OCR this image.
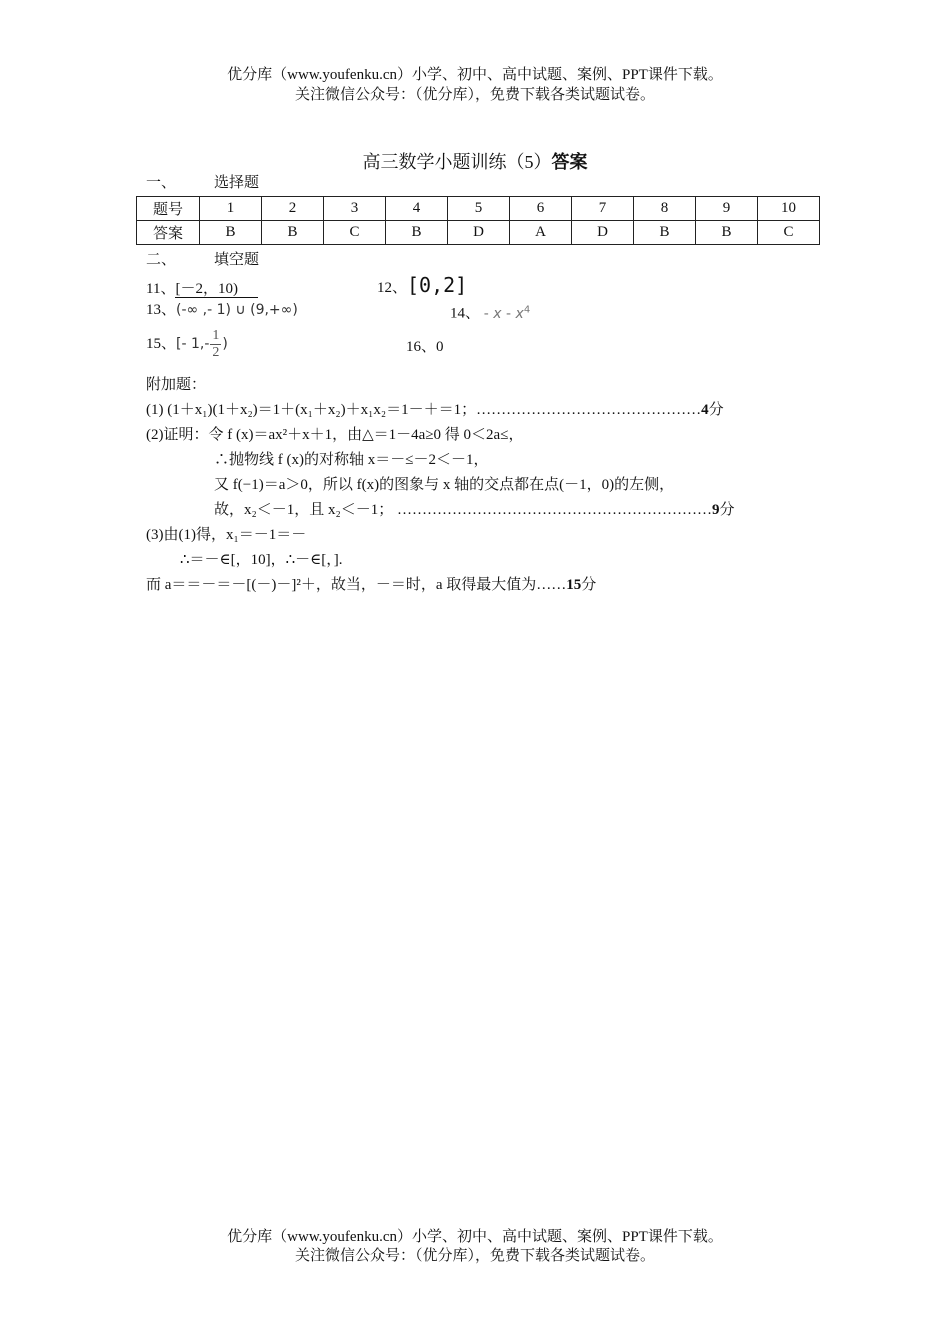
优分库（www.youfenku.cn）小学、初中、高中试题、案例、PPT课件下载。
关注微信公众号：（优分库），免费下载各类试题试卷。
高三数学小题训练（5）答案
一、	选择题
题号	1	2	3	4	5	6	7	8	9	10
答案	B	B	C	B	D	A	D	B	B	C
二、	填空题
11、[－2，10)	12、[0,2]
13、(-∞ ,- 1) ∪ (9,+∞)	14、 - x - $x^4$
15、[- $1,- \frac{1}{2}$ )	16、0
附加题：
(1) (1＋x₁)(1＋x₂)＝1＋(x₁＋x₂)＋x₁x₂＝1－＋＝1；………………………………………4分
(2)证明：令 f (x)＝ax²＋x＋1，由△＝1－4a≥0 得 0＜2a≤，
∴抛物线 f (x)的对称轴 x＝－≤－2＜－1，
又 f(−1)＝a＞0，所以 f(x)的图象与 x 轴的交点都在点(－1，0)的左侧，
故，x₂＜－1，且 x₂＜－1； ………………………………………………………9分
(3)由(1)得，x₁＝－1＝－
∴＝－∈[，10]，∴－∈[，].
而 a＝＝－＝－[(－)－]²＋，故当，－＝时，a 取得最大值为……15分
优分库（www.youfenku.cn）小学、初中、高中试题、案例、PPT课件下载。
关注微信公众号：（优分库），免费下载各类试题试卷。
